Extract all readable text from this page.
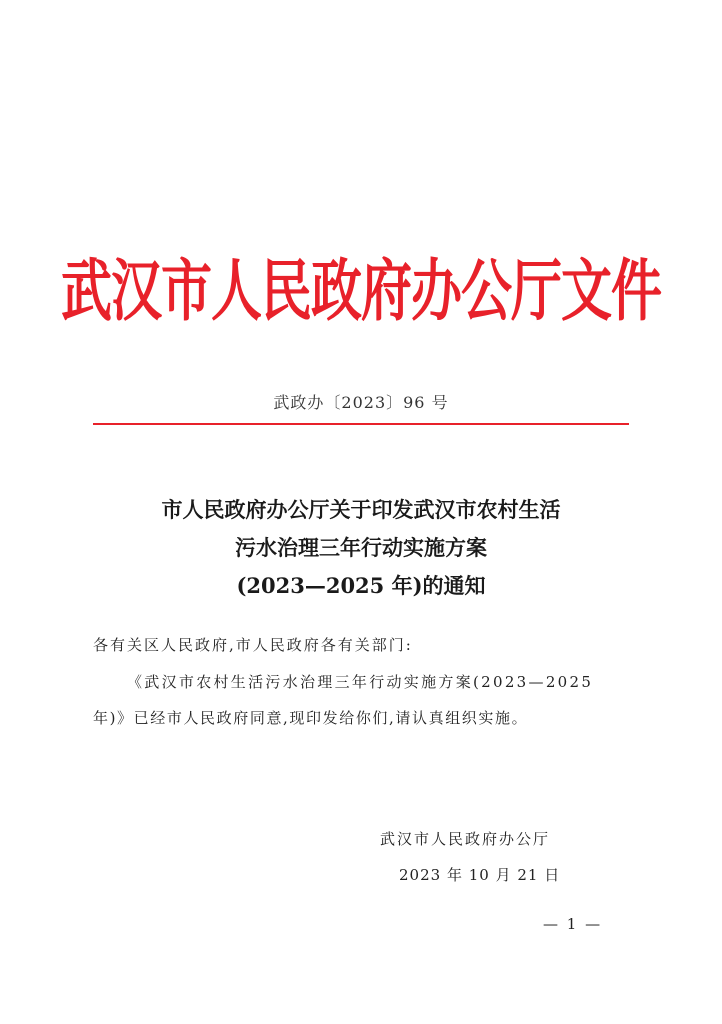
武汉市人民政府办公厅文件
武政办〔2023〕96 号
市人民政府办公厅关于印发武汉市农村生活
污水治理三年行动实施方案
(2023—2025 年)的通知
各有关区人民政府,市人民政府各有关部门:
《武汉市农村生活污水治理三年行动实施方案(2023—2025
年)》已经市人民政府同意,现印发给你们,请认真组织实施。
武汉市人民政府办公厅
2023 年 10 月 21 日
— 1 —
